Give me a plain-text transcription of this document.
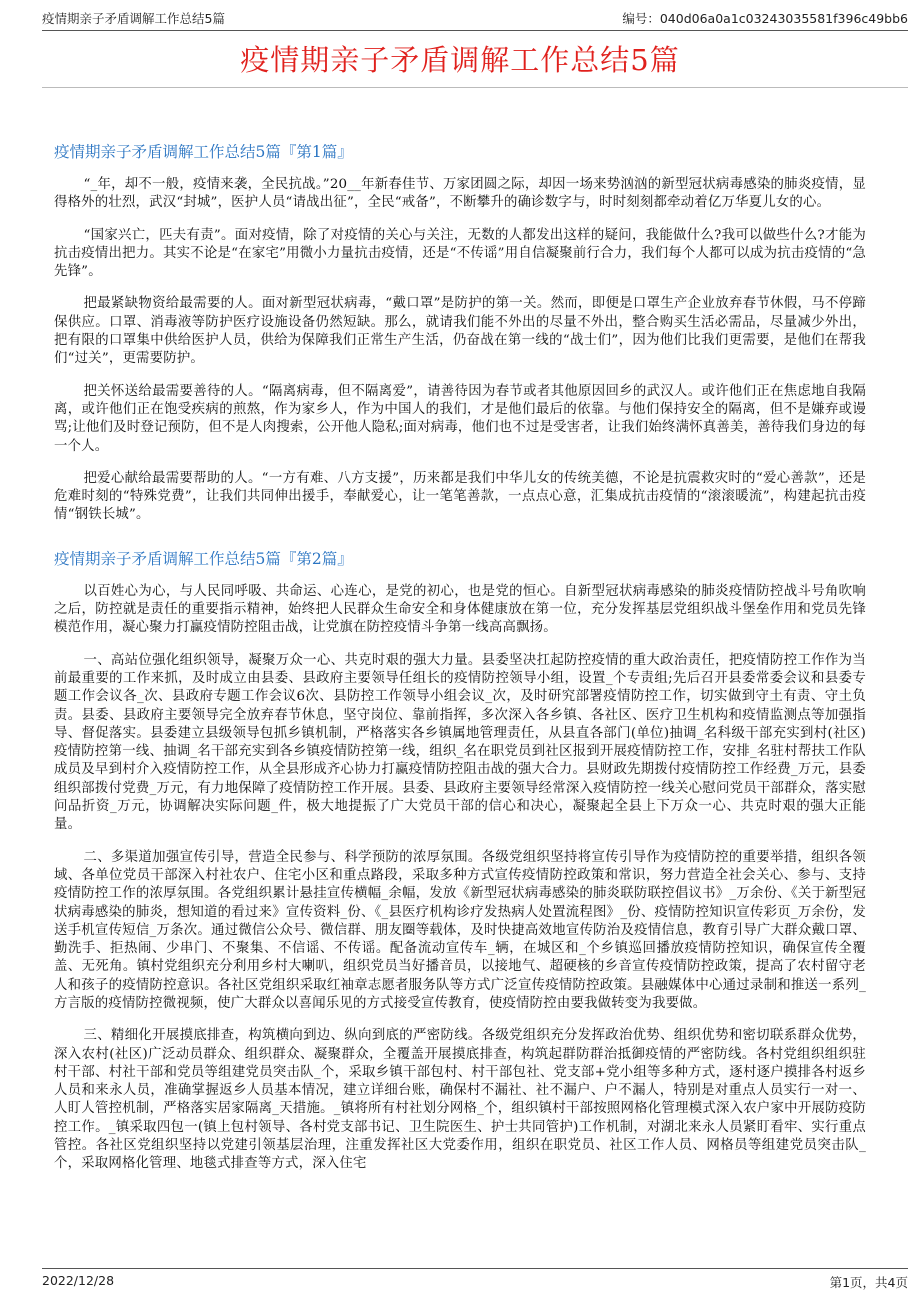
疫情期亲子矛盾调解工作总结5篇	编号：040d06a0a1c03243035581f396c49bb6
疫情期亲子矛盾调解工作总结5篇
疫情期亲子矛盾调解工作总结5篇『第1篇』

“_年，却不一般，疫情来袭，全民抗战。”20__年新春佳节、万家团圆之际，却因一场来势汹汹的新型冠状病毒感染的肺炎疫情，显得格外的壮烈，武汉“封城”，医护人员“请战出征”，全民“戒备”，不断攀升的确诊数字与，时时刻刻都牵动着亿万华夏儿女的心。

“国家兴亡，匹夫有责”。面对疫情，除了对疫情的关心与关注，无数的人都发出这样的疑问，我能做什么?我可以做些什么?才能为抗击疫情出把力。其实不论是“在家宅”用微小力量抗击疫情，还是“不传谣”用自信凝聚前行合力，我们每个人都可以成为抗击疫情的“急先锋”。

把最紧缺物资给最需要的人。面对新型冠状病毒，“戴口罩”是防护的第一关。然而，即便是口罩生产企业放弃春节休假，马不停蹄保供应。口罩、消毒液等防护医疗设施设备仍然短缺。那么，就请我们能不外出的尽量不外出，整合购买生活必需品，尽量减少外出，把有限的口罩集中供给医护人员，供给为保障我们正常生产生活，仍奋战在第一线的“战士们”，因为他们比我们更需要，是他们在帮我们“过关”，更需要防护。

把关怀送给最需要善待的人。“隔离病毒，但不隔离爱”，请善待因为春节或者其他原因回乡的武汉人。或许他们正在焦虑地自我隔离，或许他们正在饱受疾病的煎熬，作为家乡人，作为中国人的我们，才是他们最后的依靠。与他们保持安全的隔离，但不是嫌弃或谩骂;让他们及时登记预防，但不是人肉搜索，公开他人隐私;面对病毒，他们也不过是受害者，让我们始终满怀真善美，善待我们身边的每一个人。

把爱心献给最需要帮助的人。“一方有难、八方支援”，历来都是我们中华儿女的传统美德，不论是抗震救灾时的“爱心善款”，还是危难时刻的“特殊党费”，让我们共同伸出援手，奉献爱心，让一笔笔善款，一点点心意，汇集成抗击疫情的“滚滚暖流”，构建起抗击疫情“钢铁长城”。

疫情期亲子矛盾调解工作总结5篇『第2篇』

以百姓心为心，与人民同呼吸、共命运、心连心，是党的初心，也是党的恒心。自新型冠状病毒感染的肺炎疫情防控战斗号角吹响之后，防控就是责任的重要指示精神，始终把人民群众生命安全和身体健康放在第一位，充分发挥基层党组织战斗堡垒作用和党员先锋模范作用，凝心聚力打赢疫情防控阻击战，让党旗在防控疫情斗争第一线高高飘扬。

一、高站位强化组织领导，凝聚万众一心、共克时艰的强大力量。县委坚决扛起防控疫情的重大政治责任，把疫情防控工作作为当前最重要的工作来抓，及时成立由县委、县政府主要领导任组长的疫情防控领导小组，设置_个专责组;先后召开县委常委会议和县委专题工作会议各_次、县政府专题工作会议6次、县防控工作领导小组会议_次，及时研究部署疫情防控工作，切实做到守土有责、守土负责。县委、县政府主要领导完全放弃春节休息，坚守岗位、靠前指挥，多次深入各乡镇、各社区、医疗卫生机构和疫情监测点等加强指导、督促落实。县委建立县级领导包抓乡镇机制，严格落实各乡镇属地管理责任，从县直各部门(单位)抽调_名科级干部充实到村(社区)疫情防控第一线、抽调_名干部充实到各乡镇疫情防控第一线，组织_名在职党员到社区报到开展疫情防控工作，安排_名驻村帮扶工作队成员及早到村介入疫情防控工作，从全县形成齐心协力打赢疫情防控阻击战的强大合力。县财政先期拨付疫情防控工作经费_万元，县委组织部拨付党费_万元，有力地保障了疫情防控工作开展。县委、县政府主要领导经常深入疫情防控一线关心慰问党员干部群众，落实慰问品折资_万元，协调解决实际问题_件，极大地提振了广大党员干部的信心和决心，凝聚起全县上下万众一心、共克时艰的强大正能量。

二、多渠道加强宣传引导，营造全民参与、科学预防的浓厚氛围。各级党组织坚持将宣传引导作为疫情防控的重要举措，组织各领域、各单位党员干部深入村社农户、住宅小区和重点路段，采取多种方式宣传疫情防控政策和常识，努力营造全社会关心、参与、支持疫情防控工作的浓厚氛围。各党组织累计悬挂宣传横幅_余幅，发放《新型冠状病毒感染的肺炎联防联控倡议书》_万余份、《关于新型冠状病毒感染的肺炎，想知道的看过来》宣传资料_份、《_县医疗机构诊疗发热病人处置流程图》_份、疫情防控知识宣传彩页_万余份，发送手机宣传短信_万条次。通过微信公众号、微信群、朋友圈等载体，及时快捷高效地宣传防治及疫情信息，教育引导广大群众戴口罩、勤洗手、拒热闹、少串门、不聚集、不信谣、不传谣。配备流动宣传车_辆，在城区和_个乡镇巡回播放疫情防控知识，确保宣传全覆盖、无死角。镇村党组织充分利用乡村大喇叭，组织党员当好播音员，以接地气、超硬核的乡音宣传疫情防控政策，提高了农村留守老人和孩子的疫情防控意识。各社区党组织采取红袖章志愿者服务队等方式广泛宣传疫情防控政策。县融媒体中心通过录制和推送一系列_方言版的疫情防控微视频，使广大群众以喜闻乐见的方式接受宣传教育，使疫情防控由要我做转变为我要做。

三、精细化开展摸底排查，构筑横向到边、纵向到底的严密防线。各级党组织充分发挥政治优势、组织优势和密切联系群众优势，深入农村(社区)广泛动员群众、组织群众、凝聚群众，全覆盖开展摸底排查，构筑起群防群治抵御疫情的严密防线。各村党组织组织驻村干部、村社干部和党员等组建党员突击队_个，采取乡镇干部包村、村干部包社、党支部+党小组等多种方式，逐村逐户摸排各村返乡人员和来永人员，准确掌握返乡人员基本情况，建立详细台账，确保村不漏社、社不漏户、户不漏人，特别是对重点人员实行一对一、人盯人管控机制，严格落实居家隔离_天措施。_镇将所有村社划分网格_个，组织镇村干部按照网格化管理模式深入农户家中开展防疫防控工作。_镇采取四包一(镇上包村领导、各村党支部书记、卫生院医生、护士共同管护)工作机制，对湖北来永人员紧盯看牢、实行重点管控。各社区党组织坚持以党建引领基层治理，注重发挥社区大党委作用，组织在职党员、社区工作人员、网格员等组建党员突击队_个，采取网格化管理、地毯式排查等方式，深入住宅

2022/12/28	第1页，共4页
